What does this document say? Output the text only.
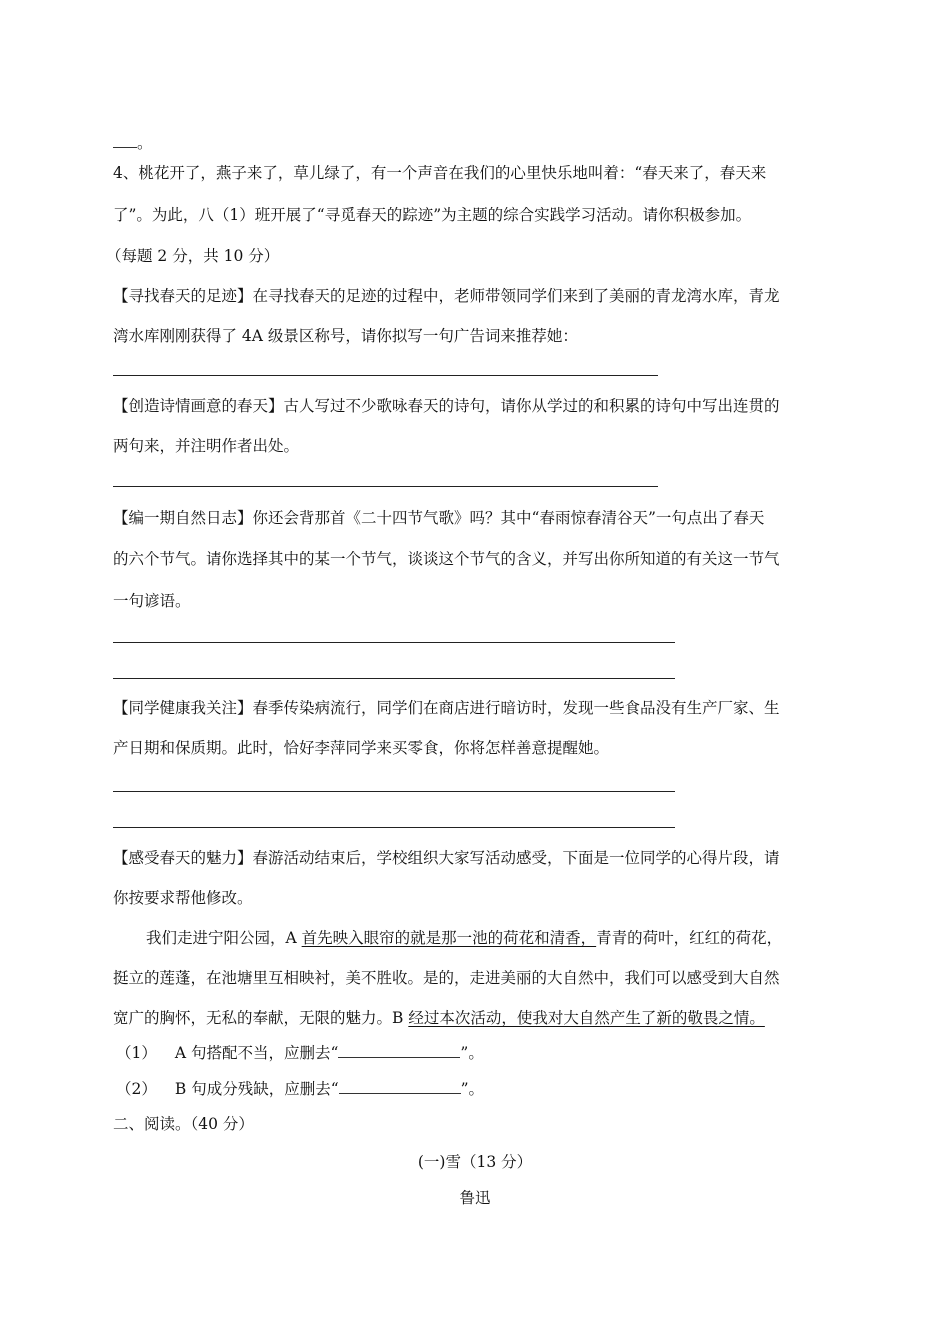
。
4、桃花开了，燕子来了，草儿绿了，有一个声音在我们的心里快乐地叫着：“春天来了，春天来
了”。为此，八（1）班开展了“寻觅春天的踪迹”为主题的综合实践学习活动。请你积极参加。
（每题 2 分，共 10 分）
【寻找春天的足迹】在寻找春天的足迹的过程中，老师带领同学们来到了美丽的青龙湾水库，青龙
湾水库刚刚获得了 4A 级景区称号，请你拟写一句广告词来推荐她：
【创造诗情画意的春天】古人写过不少歌咏春天的诗句，请你从学过的和积累的诗句中写出连贯的
两句来，并注明作者出处。
【编一期自然日志】你还会背那首《二十四节气歌》吗？其中“春雨惊春清谷天”一句点出了春天
的六个节气。请你选择其中的某一个节气，谈谈这个节气的含义，并写出你所知道的有关这一节气
一句谚语。
【同学健康我关注】春季传染病流行，同学们在商店进行暗访时，发现一些食品没有生产厂家、生
产日期和保质期。此时，恰好李萍同学来买零食，你将怎样善意提醒她。
【感受春天的魅力】春游活动结束后，学校组织大家写活动感受，下面是一位同学的心得片段，请
你按要求帮他修改。
我们走进宁阳公园，A 首先映入眼帘的就是那一池的荷花和清香，青青的荷叶，红红的荷花，
挺立的莲蓬，在池塘里互相映衬，美不胜收。是的，走进美丽的大自然中，我们可以感受到大自然
宽广的胸怀，无私的奉献，无限的魅力。B 经过本次活动，使我对大自然产生了新的敬畏之情。
（1） A 句搭配不当，应删去“	”。
（2） B 句成分残缺，应删去“	”。
二、阅读。（40 分）
(一)雪（13 分）
鲁迅
